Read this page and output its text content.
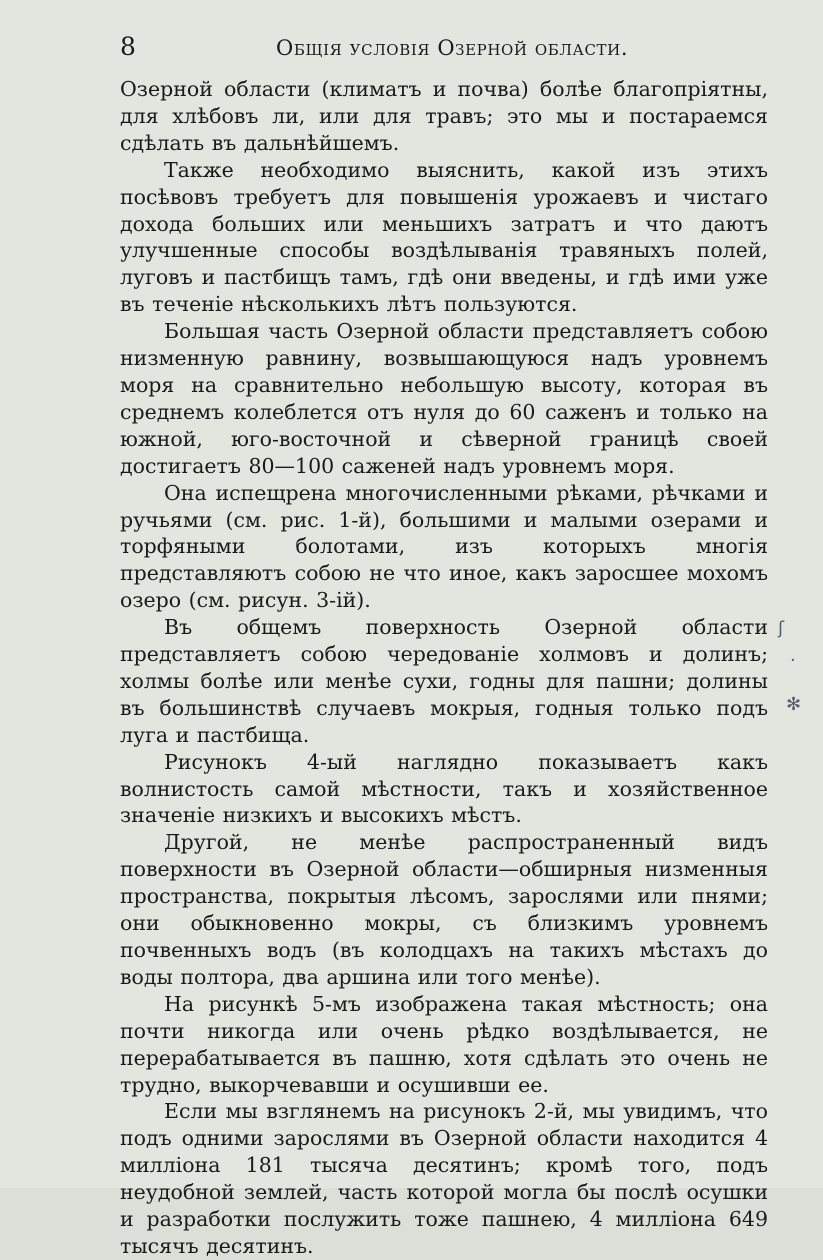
8	Общія условія Озерной области.

Озерной области (климатъ и почва) болѣе благопріятны, для хлѣбовъ ли, или для травъ; это мы и постараемся сдѣлать въ дальнѣйшемъ.

Также необходимо выяснить, какой изъ этихъ посѣвовъ требуетъ для повышенія урожаевъ и чистаго дохода больших или меньшихъ затратъ и что даютъ улучшенные способы воздѣлыванія травяныхъ полей, луговъ и пастбищъ тамъ, гдѣ они введены, и гдѣ ими уже въ теченіе нѣсколькихъ лѣтъ пользуются.

Большая часть Озерной области представляетъ собою низменную равнину, возвышающуюся надъ уровнемъ моря на сравнительно небольшую высоту, которая въ среднемъ колеблется отъ нуля до 60 саженъ и только на южной, юго-восточной и сѣверной границѣ своей достигаетъ 80—100 саженей надъ уровнемъ моря.

Она испещрена многочисленными рѣками, рѣчками и ручьями (см. рис. 1-й), большими и малыми озерами и торфяными болотами, изъ которыхъ многія представляютъ собою не что иное, какъ заросшее мохомъ озеро (см. рисун. 3-ій).

Въ общемъ поверхность Озерной области представляетъ собою чередованіе холмовъ и долинъ; холмы болѣе или менѣе сухи, годны для пашни; долины въ большинствѣ случаевъ мокрыя, годныя только подъ луга и пастбища.

Рисунокъ 4-ый наглядно показываетъ какъ волнистость самой мѣстности, такъ и хозяйственное значеніе низкихъ и высокихъ мѣстъ.

Другой, не менѣе распространенный видъ поверхности въ Озерной области—обширныя низменныя пространства, покрытыя лѣсомъ, зарослями или пнями; они обыкновенно мокры, съ близкимъ уровнемъ почвенныхъ водъ (въ колодцахъ на такихъ мѣстахъ до воды полтора, два аршина или того менѣе).

На рисункѣ 5-мъ изображена такая мѣстность; она почти никогда или очень рѣдко воздѣлывается, не перерабатывается въ пашню, хотя сдѣлать это очень не трудно, выкорчевавши и осушивши ее.

Если мы взглянемъ на рисунокъ 2-й, мы увидимъ, что подъ одними зарослями въ Озерной области находится 4 милліона 181 тысяча десятинъ; кромѣ того, подъ неудобной землей, часть которой могла бы послѣ осушки и разработки послужить тоже пашнею, 4 милліона 649 тысячъ десятинъ.

ʃ
·
✻
